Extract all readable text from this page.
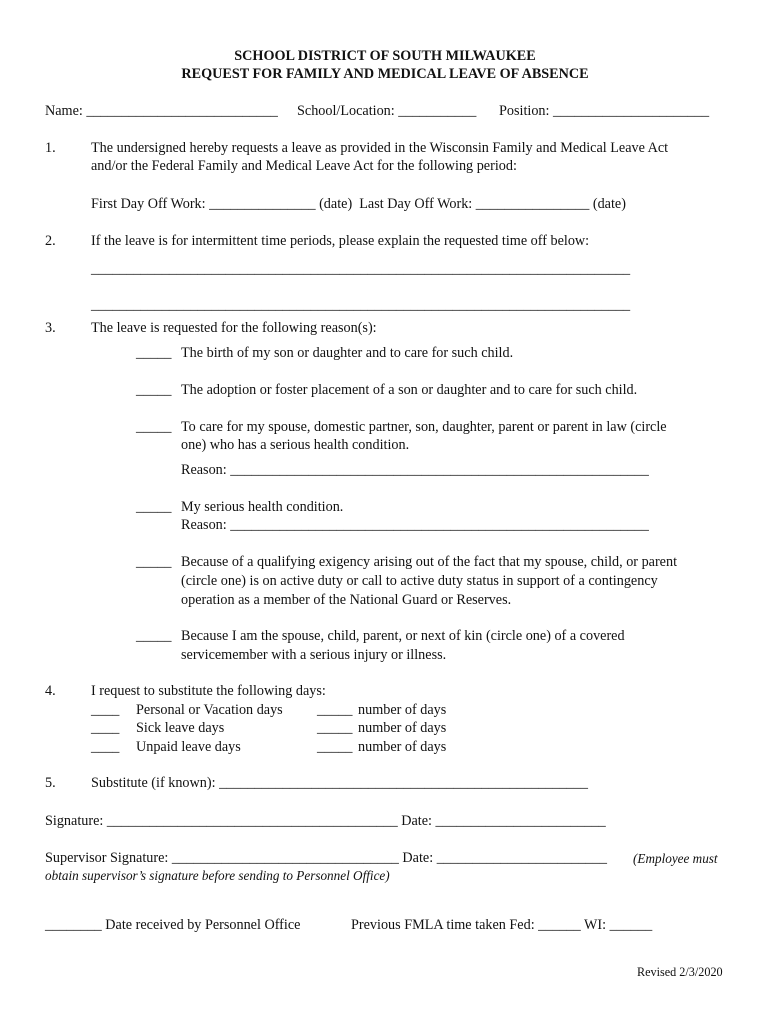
SCHOOL DISTRICT OF SOUTH MILWAUKEE
REQUEST FOR FAMILY AND MEDICAL LEAVE OF ABSENCE
Name: ___________________________ School/Location: ___________ Position: ______________________
1. The undersigned hereby requests a leave as provided in the Wisconsin Family and Medical Leave Act
and/or the Federal Family and Medical Leave Act for the following period:
First Day Off Work: _______________ (date)  Last Day Off Work: ________________ (date)
2. If the leave is for intermittent time periods, please explain the requested time off below:
____________________________________________________________________________
____________________________________________________________________________
3. The leave is requested for the following reason(s):
_____ The birth of my son or daughter and to care for such child.
_____ The adoption or foster placement of a son or daughter and to care for such child.
_____ To care for my spouse, domestic partner, son, daughter, parent or parent in law (circle
one) who has a serious health condition.
Reason: ___________________________________________________________
_____ My serious health condition.
Reason: ___________________________________________________________
_____ Because of a qualifying exigency arising out of the fact that my spouse, child, or parent
(circle one) is on active duty or call to active duty status in support of a contingency
operation as a member of the National Guard or Reserves.
_____ Because I am the spouse, child, parent, or next of kin (circle one) of a covered
servicemember with a serious injury or illness.
4. I request to substitute the following days:
____ Personal or Vacation days _____ number of days
____ Sick leave days	_____ number of days
____ Unpaid leave days	_____ number of days
5. Substitute (if known): ____________________________________________________
Signature: _________________________________________ Date: ________________________
Supervisor Signature: ________________________________ Date: ________________________ (Employee must
obtain supervisor’s signature before sending to Personnel Office)
________ Date received by Personnel Office	Previous FMLA time taken Fed: ______ WI: ______
Revised 2/3/2020
